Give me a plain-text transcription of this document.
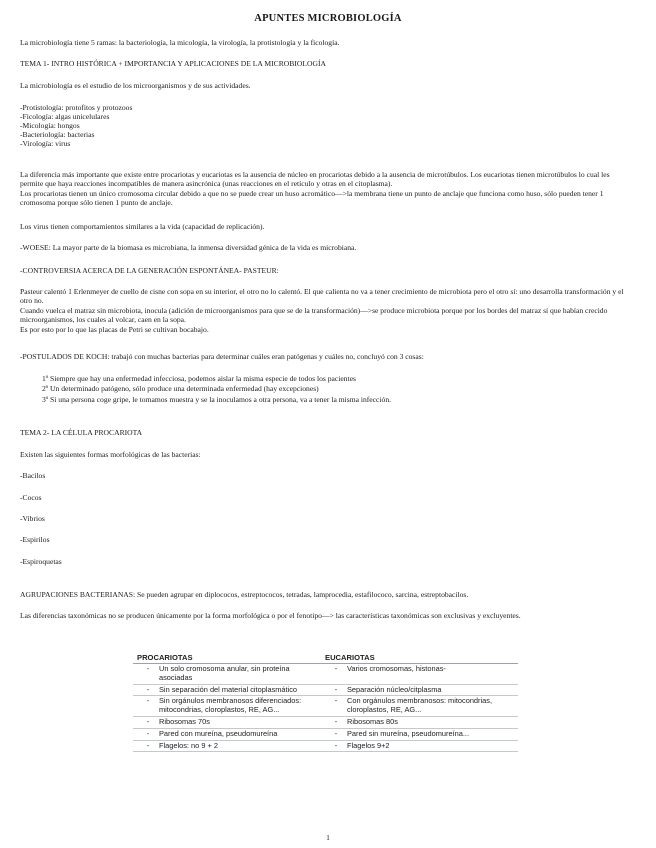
APUNTES MICROBIOLOGÍA

La microbiología tiene 5 ramas: la bacteriología, la micología, la virología, la protistología y la ficología.

TEMA 1- INTRO HISTÓRICA + IMPORTANCIA Y APLICACIONES DE LA MICROBIOLOGÍA

La microbiología es el estudio de los microorganismos y de sus actividades.

-Protistología: protofitos y protozoos

-Ficología: algas unicelulares

-Micología: hongos

-Bacteriología: bacterias

-Virología: virus

La diferencia más importante que existe entre procariotas y eucariotas es la ausencia de núcleo en procariotas debido a la ausencia de microtúbulos. Los eucariotas tienen microtúbulos lo cual les permite que haya reacciones incompatibles de manera asincrónica (unas reacciones en el retículo y otras en el citoplasma).

Los procariotas tienen un único cromosoma circular debido a que no se puede crear un huso acromático—>la membrana tiene un punto de anclaje que funciona como huso, sólo pueden tener 1 cromosoma porque sólo tienen 1 punto de anclaje.

Los virus tienen comportamientos similares a la vida (capacidad de replicación).

-WOESE: La mayor parte de la biomasa es microbiana, la inmensa diversidad génica de la vida es microbiana.

-CONTROVERSIA ACERCA DE LA GENERACIÓN ESPONTÁNEA- PASTEUR:

Pasteur calentó 1 Erlenmeyer de cuello de cisne con sopa en su interior, el otro no lo calentó. El que calienta no va a tener crecimiento de microbiota pero el otro sí: uno desarrolla transformación y el otro no.

Cuando vuelca el matraz sin microbiota, inocula (adición de microorganismos para que se de la transformación)—>se produce microbiota porque por los bordes del matraz sí que habían crecido microorganismos, los cuales al volcar, caen en la sopa.

Es por esto por lo que las placas de Petri se cultivan bocabajo.

-POSTULADOS DE KOCH: trabajó con muchas bacterias para determinar cuáles eran patógenas y cuáles no, concluyó con 3 cosas:

1º Siempre que hay una enfermedad infecciosa, podemos aislar la misma especie de todos los pacientes

2º Un determinado patógeno, sólo produce una determinada enfermedad (hay excepciones)

3º Si una persona coge gripe, le tomamos muestra y se la inoculamos a otra persona, va a tener la misma infección.

TEMA 2- LA CÉLULA PROCARIOTA

Existen las siguientes formas morfológicas de las bacterias:

-Bacilos

-Cocos

-Vibrios

-Espirilos

-Espiroquetas

AGRUPACIONES BACTERIANAS: Se pueden agrupar en diplococos, estreptococos, tetradas, lamprocedia, estafilococo, sarcina, estreptobacilos.

Las diferencias taxonómicas no se producen únicamente por la forma morfológica o por el fenotipo—> las características taxonómicas son exclusivas y excluyentes.

PROCARIOTAS	EUCARIOTAS
- Un solo cromosoma anular, sin proteína asociadas	- Varios cromosomas, histonas-
- Sin separación del material citoplasmático	- Separación núcleo/citplasma
- Sin orgánulos membranosos diferenciados: mitocondrias, cloroplastos, RE, AG...	- Con orgánulos membranosos: mitocondrias, cloroplastos, RE, AG...
- Ribosomas 70s	- Ribosomas 80s
- Pared con mureína, pseudomureína	- Pared sin mureína, pseudomureína...
- Flagelos: no 9 + 2	- Flagelos 9+2
1
